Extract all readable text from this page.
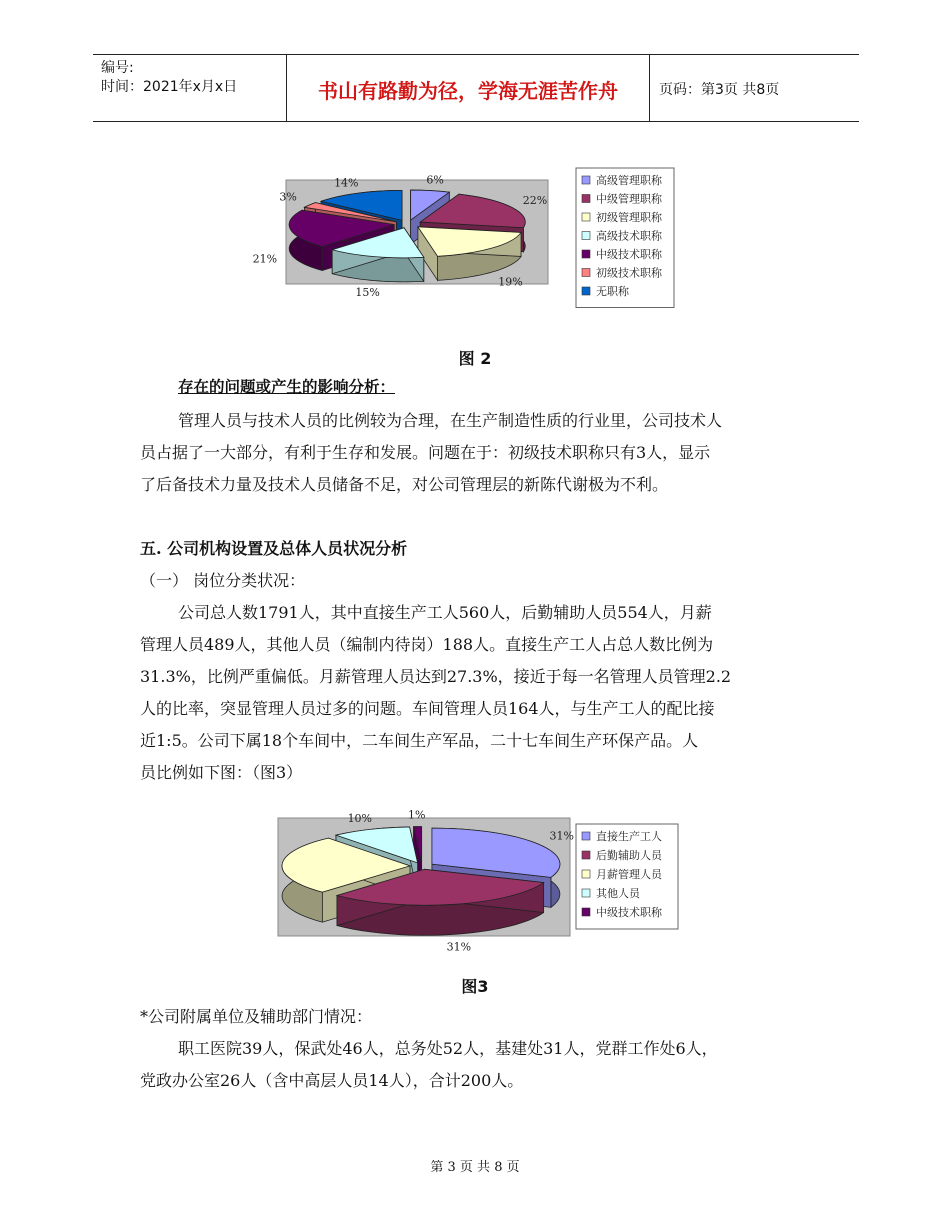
编号:
时间：2021年x月x日	书山有路勤为径，学海无涯苦作舟	页码：第3页 共8页
6%
22%
19%
15%
21%
3%
14%	高级管理职称
中级管理职称
初级管理职称
高级技术职称
中级技术职称
初级技术职称
无职称
图 2
存在的问题或产生的影响分析：
管理人员与技术人员的比例较为合理，在生产制造性质的行业里，公司技术人
员占据了一大部分，有利于生存和发展。问题在于：初级技术职称只有3人，显示
了后备技术力量及技术人员储备不足，对公司管理层的新陈代谢极为不利。
五. 公司机构设置及总体人员状况分析
（一） 岗位分类状况：
公司总人数1791人，其中直接生产工人560人，后勤辅助人员554人，月薪
管理人员489人，其他人员（编制内待岗）188人。直接生产工人占总人数比例为
31.3%，比例严重偏低。月薪管理人员达到27.3%，接近于每一名管理人员管理2.2
人的比率，突显管理人员过多的问题。车间管理人员164人，与生产工人的配比接
近1:5。公司下属18个车间中，二车间生产军品，二十七车间生产环保产品。人
员比例如下图：（图3）
31%
31%
10%	1%
直接生产工人
后勤辅助人员
月薪管理人员
其他人员
中级技术职称
图3
*公司附属单位及辅助部门情况：
职工医院39人，保武处46人，总务处52人，基建处31人，党群工作处6人，
党政办公室26人（含中高层人员14人），合计200人。
第 3 页 共 8 页
